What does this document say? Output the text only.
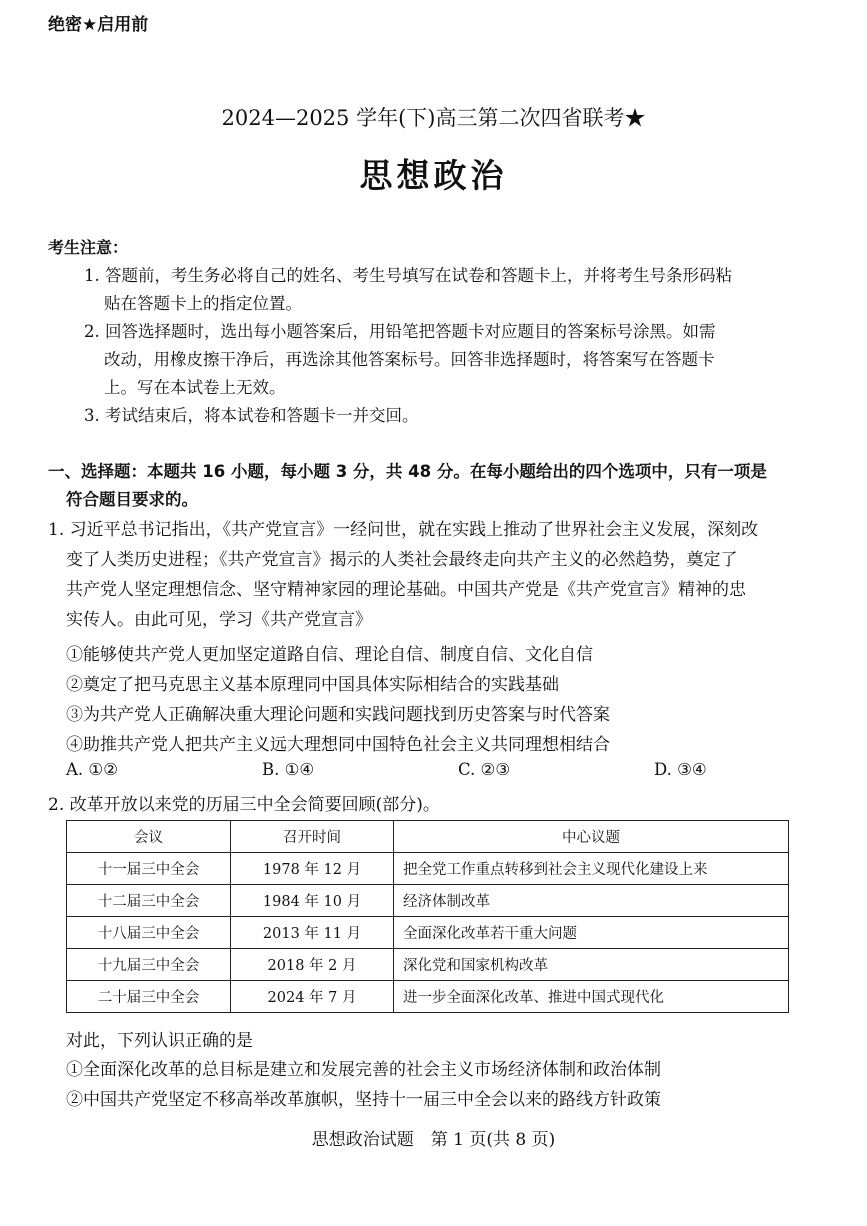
绝密★启用前
2024—2025 学年(下)高三第二次四省联考★
思想政治
考生注意：
1. 答题前，考生务必将自己的姓名、考生号填写在试卷和答题卡上，并将考生号条形码粘
贴在答题卡上的指定位置。
2. 回答选择题时，选出每小题答案后，用铅笔把答题卡对应题目的答案标号涂黑。如需
改动，用橡皮擦干净后，再选涂其他答案标号。回答非选择题时，将答案写在答题卡
上。写在本试卷上无效。
3. 考试结束后，将本试卷和答题卡一并交回。
一、选择题：本题共 16 小题，每小题 3 分，共 48 分。在每小题给出的四个选项中，只有一项是
符合题目要求的。
1. 习近平总书记指出，《共产党宣言》一经问世，就在实践上推动了世界社会主义发展，深刻改
变了人类历史进程；《共产党宣言》揭示的人类社会最终走向共产主义的必然趋势，奠定了
共产党人坚定理想信念、坚守精神家园的理论基础。中国共产党是《共产党宣言》精神的忠
实传人。由此可见，学习《共产党宣言》
①能够使共产党人更加坚定道路自信、理论自信、制度自信、文化自信
②奠定了把马克思主义基本原理同中国具体实际相结合的实践基础
③为共产党人正确解决重大理论问题和实践问题找到历史答案与时代答案
④助推共产党人把共产主义远大理想同中国特色社会主义共同理想相结合
A. ①②	B. ①④	C. ②③	D. ③④
2. 改革开放以来党的历届三中全会简要回顾(部分)。
会议	召开时间	中心议题
十一届三中全会	1978 年 12 月	把全党工作重点转移到社会主义现代化建设上来
十二届三中全会	1984 年 10 月	经济体制改革
十八届三中全会	2013 年 11 月	全面深化改革若干重大问题
十九届三中全会	2018 年 2 月	深化党和国家机构改革
二十届三中全会	2024 年 7 月	进一步全面深化改革、推进中国式现代化
对此，下列认识正确的是
①全面深化改革的总目标是建立和发展完善的社会主义市场经济体制和政治体制
②中国共产党坚定不移高举改革旗帜，坚持十一届三中全会以来的路线方针政策
思想政治试题　第 1 页(共 8 页)
